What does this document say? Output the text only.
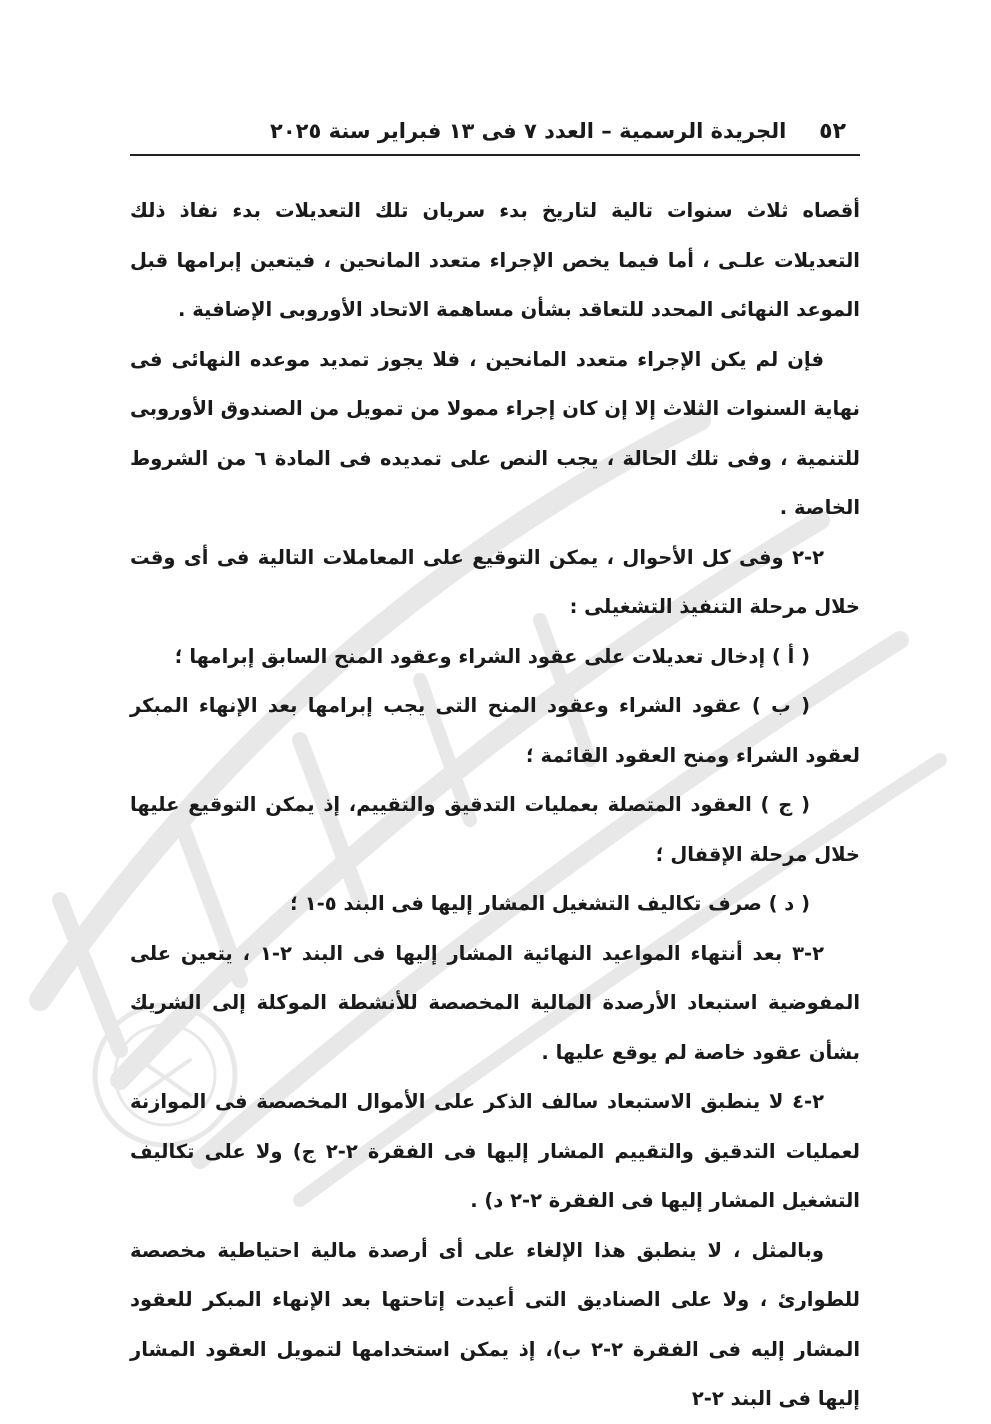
٥٢
الجريدة الرسمية – العدد ٧ فى ١٣ فبراير سنة ٢٠٢٥

أقصاه ثلاث سنوات تالية لتاريخ بدء سريان تلك التعديلات بدء نفاذ ذلك التعديلات علـى ، أما فيما يخص الإجراء متعدد المانحين ، فيتعين إبرامها قبل الموعد النهائى المحدد للتعاقد بشأن مساهمة الاتحاد الأوروبى الإضافية .

فإن لم يكن الإجراء متعدد المانحين ، فلا يجوز تمديد موعده النهائى فى نهاية السنوات الثلاث إلا إن كان إجراء ممولا من تمويل من الصندوق الأوروبى للتنمية ، وفى تلك الحالة ، يجب النص على تمديده فى المادة ٦ من الشروط الخاصة .

٢-٢ وفى كل الأحوال ، يمكن التوقيع على المعاملات التالية فى أى وقت خلال مرحلة التنفيذ التشغيلى :

( أ ) إدخال تعديلات على عقود الشراء وعقود المنح السابق إبرامها ؛

( ب ) عقود الشراء وعقود المنح التى يجب إبرامها بعد الإنهاء المبكر لعقود الشراء ومنح العقود القائمة ؛

( ج ) العقود المتصلة بعمليات التدقيق والتقييم، إذ يمكن التوقيع عليها خلال مرحلة الإقفال ؛

( د ) صرف تكاليف التشغيل المشار إليها فى البند ٥-١ ؛

٢-٣ بعد أنتهاء المواعيد النهائية المشار إليها فى البند ٢-١ ، يتعين على المفوضية استبعاد الأرصدة المالية المخصصة للأنشطة الموكلة إلى الشريك بشأن عقود خاصة لم يوقع عليها .

٢-٤ لا ينطبق الاستبعاد سالف الذكر على الأموال المخصصة فى الموازنة لعمليات التدقيق والتقييم المشار إليها فى الفقرة ٢-٢ ج) ولا على تكاليف التشغيل المشار إليها فى الفقرة ٢-٢ د) .

وبالمثل ، لا ينطبق هذا الإلغاء على أى أرصدة مالية احتياطية مخصصة للطوارئ ، ولا على الصناديق التى أعيدت إتاحتها بعد الإنهاء المبكر للعقود المشار إليه فى الفقرة ٢-٢ ب)، إذ يمكن استخدامها لتمويل العقود المشار إليها فى البند ٢-٢
